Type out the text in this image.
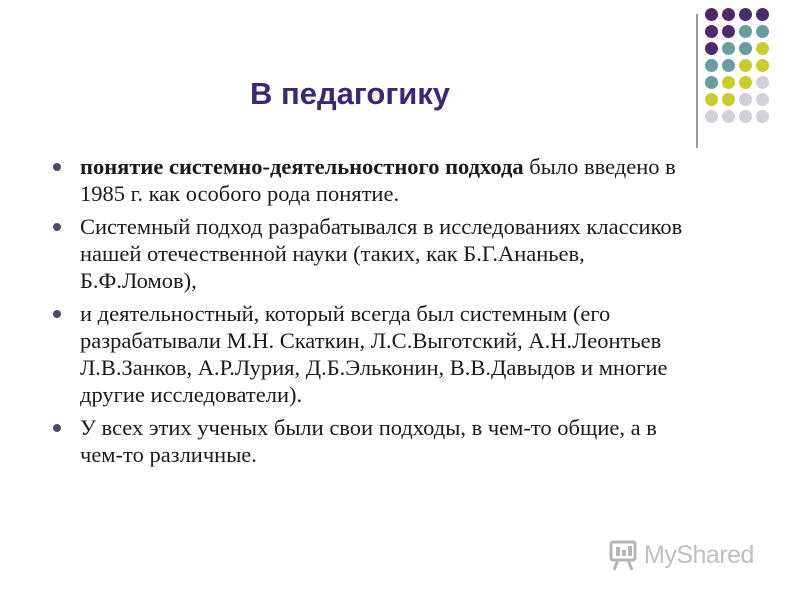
В педагогику
понятие системно-деятельностного подхода было введено в 1985 г. как особого рода понятие.
Системный подход разрабатывался в исследованиях классиков нашей отечественной науки (таких, как Б.Г.Ананьев, Б.Ф.Ломов),
и деятельностный, который всегда был системным (его разрабатывали М.Н. Скаткин, Л.С.Выготский, А.Н.Леонтьев Л.В.Занков, А.Р.Лурия, Д.Б.Эльконин, В.В.Давыдов и многие другие исследователи).
У всех этих ученых были свои подходы, в чем-то общие, а в чем-то различные.
MyShared
